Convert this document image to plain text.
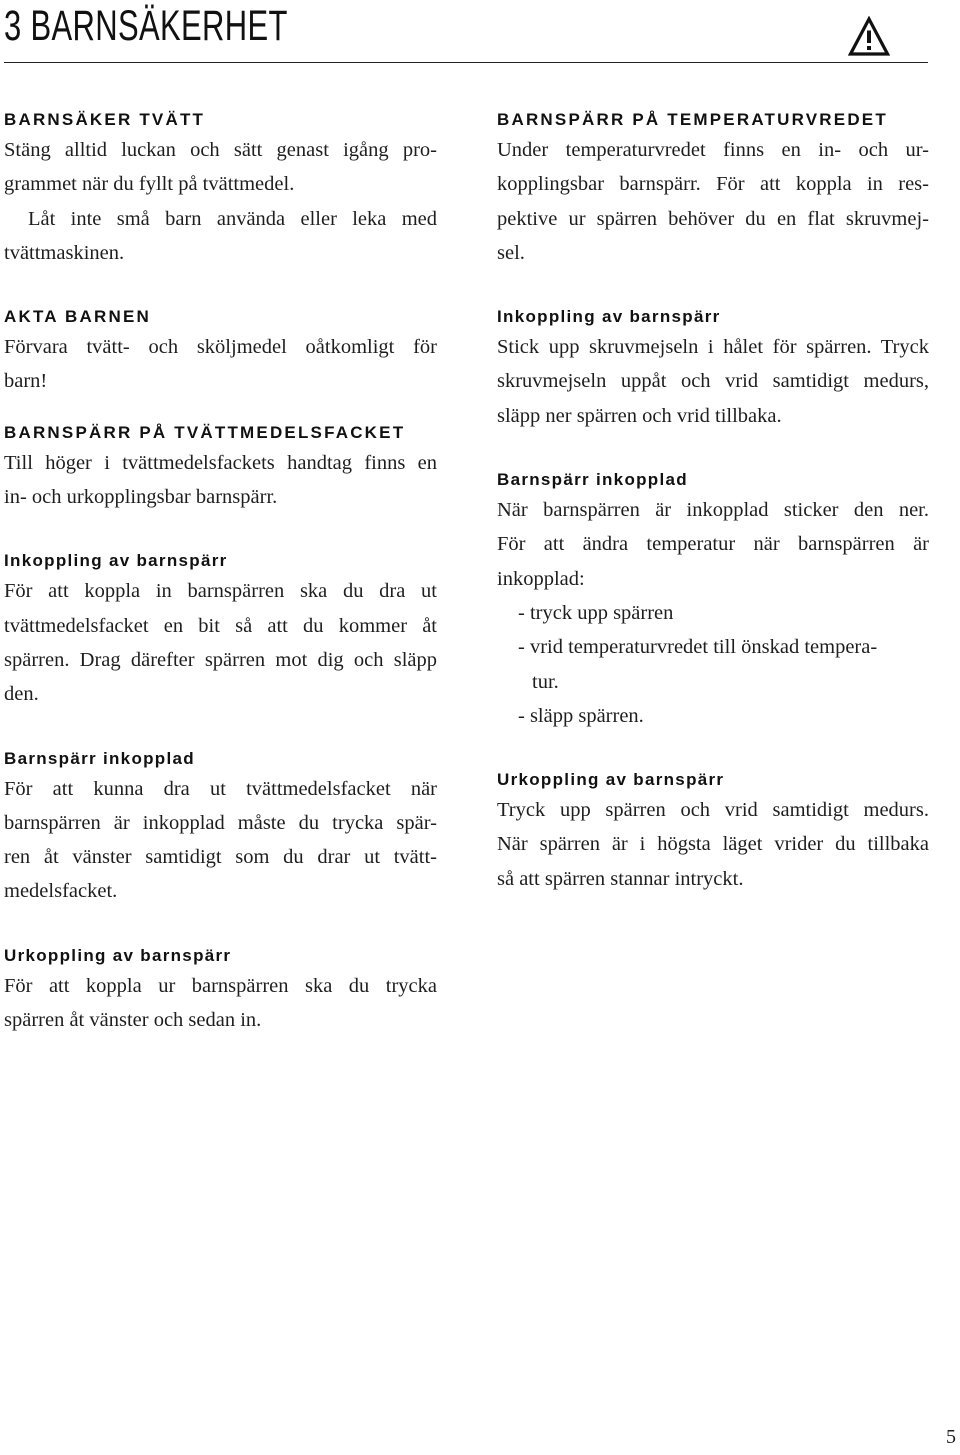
3 BARNSÄKERHET
BARNSÄKER TVÄTT
Stäng alltid luckan och sätt genast igång pro-
grammet när du fyllt på tvättmedel.
Låt inte små barn använda eller leka med
tvättmaskinen.
AKTA BARNEN
Förvara tvätt- och sköljmedel oåtkomligt för
barn!
BARNSPÄRR PÅ TVÄTTMEDELSFACKET
Till höger i tvättmedelsfackets handtag finns en
in- och urkopplingsbar barnspärr.
Inkoppling av barnspärr
För att koppla in barnspärren ska du dra ut
tvättmedelsfacket en bit så att du kommer åt
spärren. Drag därefter spärren mot dig och släpp
den.
Barnspärr inkopplad
För att kunna dra ut tvättmedelsfacket när
barnspärren är inkopplad måste du trycka spär-
ren åt vänster samtidigt som du drar ut tvätt-
medelsfacket.
Urkoppling av barnspärr
För att koppla ur barnspärren ska du trycka
spärren åt vänster och sedan in.
BARNSPÄRR PÅ TEMPERATURVREDET
Under temperaturvredet finns en in- och ur-
kopplingsbar barnspärr. För att koppla in res-
pektive ur spärren behöver du en flat skruvmej-
sel.
Inkoppling av barnspärr
Stick upp skruvmejseln i hålet för spärren. Tryck
skruvmejseln uppåt och vrid samtidigt medurs,
släpp ner spärren och vrid tillbaka.
Barnspärr inkopplad
När barnspärren är inkopplad sticker den ner.
För att ändra temperatur när barnspärren är
inkopplad:
- tryck upp spärren
- vrid temperaturvredet till önskad tempera-
tur.
- släpp spärren.
Urkoppling av barnspärr
Tryck upp spärren och vrid samtidigt medurs.
När spärren är i högsta läget vrider du tillbaka
så att spärren stannar intryckt.
5
